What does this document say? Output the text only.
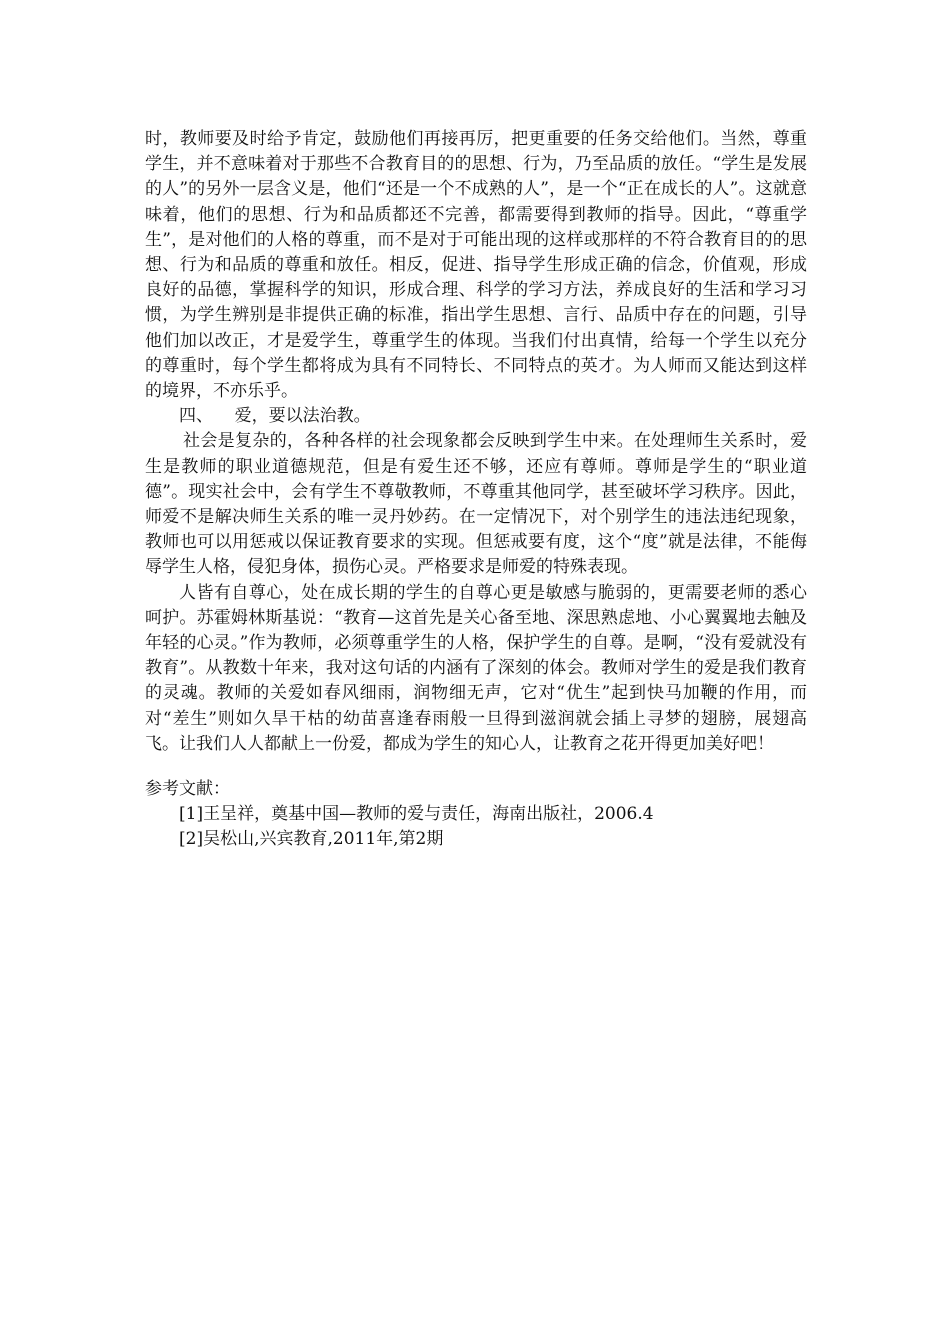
时，教师要及时给予肯定，鼓励他们再接再厉，把更重要的任务交给他们。当然，尊重学生，并不意味着对于那些不合教育目的的思想、行为，乃至品质的放任。“学生是发展的人”的另外一层含义是，他们“还是一个不成熟的人”，是一个“正在成长的人”。这就意味着，他们的思想、行为和品质都还不完善，都需要得到教师的指导。因此，“尊重学生”，是对他们的人格的尊重，而不是对于可能出现的这样或那样的不符合教育目的的思想、行为和品质的尊重和放任。相反，促进、指导学生形成正确的信念，价值观，形成良好的品德，掌握科学的知识，形成合理、科学的学习方法，养成良好的生活和学习习惯，为学生辨别是非提供正确的标准，指出学生思想、言行、品质中存在的问题，引导他们加以改正，才是爱学生，尊重学生的体现。当我们付出真情，给每一个学生以充分的尊重时，每个学生都将成为具有不同特长、不同特点的英才。为人师而又能达到这样的境界，不亦乐乎。

四、    爱，要以法治教。

社会是复杂的，各种各样的社会现象都会反映到学生中来。在处理师生关系时，爱生是教师的职业道德规范，但是有爱生还不够，还应有尊师。尊师是学生的“职业道德”。现实社会中，会有学生不尊敬教师，不尊重其他同学，甚至破坏学习秩序。因此，师爱不是解决师生关系的唯一灵丹妙药。在一定情况下，对个别学生的违法违纪现象，教师也可以用惩戒以保证教育要求的实现。但惩戒要有度，这个“度”就是法律，不能侮辱学生人格，侵犯身体，损伤心灵。严格要求是师爱的特殊表现。

人皆有自尊心，处在成长期的学生的自尊心更是敏感与脆弱的，更需要老师的悉心呵护。苏霍姆林斯基说：“教育—这首先是关心备至地、深思熟虑地、小心翼翼地去触及年轻的心灵。”作为教师，必须尊重学生的人格，保护学生的自尊。是啊，“没有爱就没有教育”。从教数十年来，我对这句话的内涵有了深刻的体会。教师对学生的爱是我们教育的灵魂。教师的关爱如春风细雨，润物细无声，它对“优生”起到快马加鞭的作用，而对“差生”则如久旱干枯的幼苗喜逢春雨般一旦得到滋润就会插上寻梦的翅膀，展翅高飞。让我们人人都献上一份爱，都成为学生的知心人，让教育之花开得更加美好吧！

参考文献：

[1]王呈祥，奠基中国—教师的爱与责任，海南出版社，2006.4

[2]吴松山,兴宾教育,2011年,第2期
